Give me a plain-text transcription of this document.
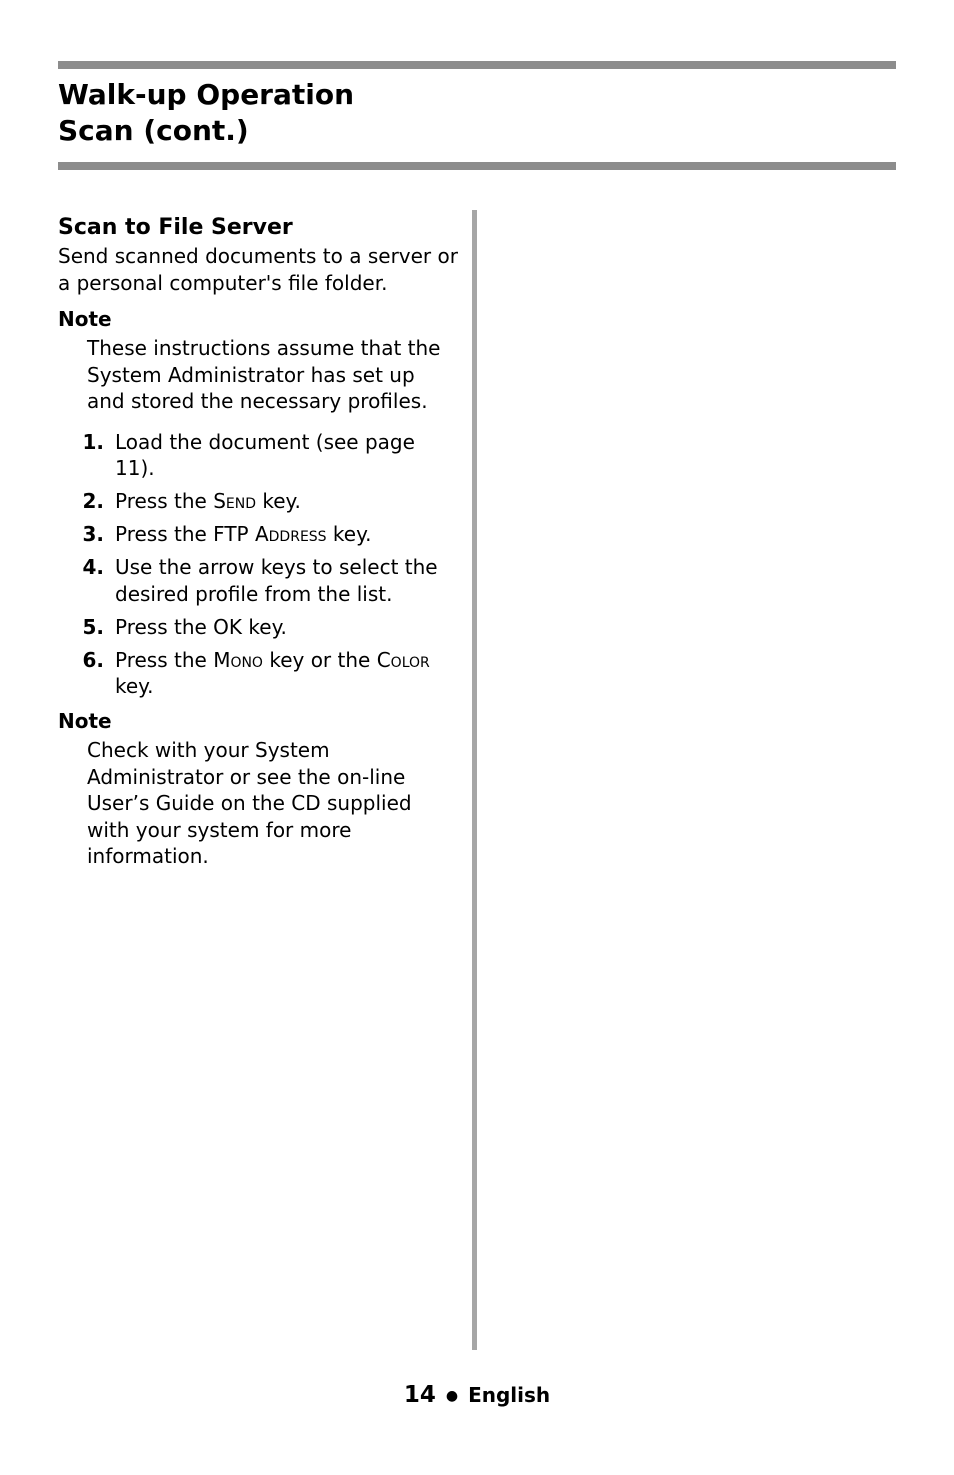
Walk-up Operation
Scan (cont.)
Scan to File Server

Send scanned documents to a server or a personal computer's file folder.

Note

These instructions assume that the System Administrator has set up and stored the necessary profiles.

1. Load the document (see page 11).
2. Press the Send key.
3. Press the FTP Address key.
4. Use the arrow keys to select the desired profile from the list.
5. Press the OK key.
6. Press the Mono key or the Color key.
Note

Check with your System Administrator or see the on-line User’s Guide on the CD supplied with your system for more information.

14 ● English
